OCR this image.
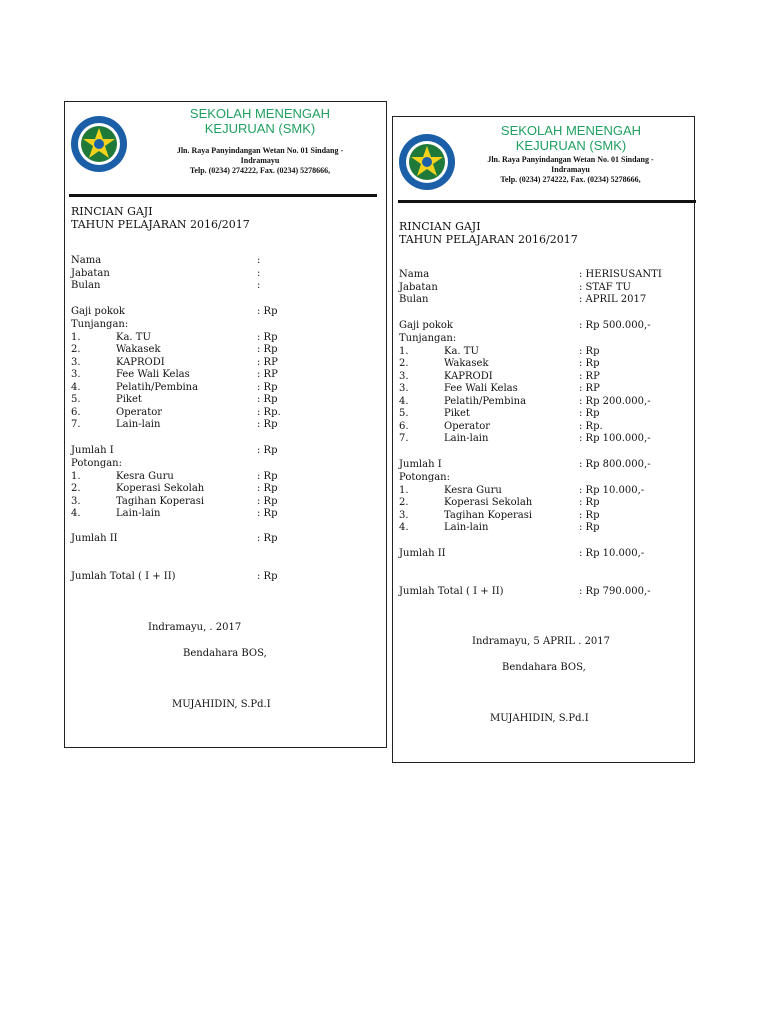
SEKOLAH MENENGAH
KEJURUAN (SMK)
Jln. Raya Panyindangan Wetan No. 01 Sindang -
Indramayu
Telp. (0234) 274222, Fax. (0234) 5278666,
RINCIAN GAJI
TAHUN PELAJARAN 2016/2017
Nama	:
Jabatan	:
Bulan	:
Gaji pokok	: Rp
Tunjangan:
1.	Ka. TU	: Rp
2.	Wakasek	: Rp
3.	KAPRODI	: RP
3.	Fee Wali Kelas	: RP
4.	Pelatih/Pembina	: Rp
5.	Piket	: Rp
6.	Operator	: Rp.
7.	Lain-lain	: Rp
Jumlah I	: Rp
Potongan:
1.	Kesra Guru	: Rp
2.	Koperasi Sekolah	: Rp
3.	Tagihan Koperasi	: Rp
4.	Lain-lain	: Rp
Jumlah II	: Rp
Jumlah Total ( I + II)	: Rp
Indramayu, . 2017
Bendahara BOS,
MUJAHIDIN, S.Pd.I
SEKOLAH MENENGAH
KEJURUAN (SMK)
Jln. Raya Panyindangan Wetan No. 01 Sindang -
Indramayu
Telp. (0234) 274222, Fax. (0234) 5278666,
RINCIAN GAJI
TAHUN PELAJARAN 2016/2017
Nama	: HERISUSANTI
Jabatan	: STAF TU
Bulan	: APRIL 2017
Gaji pokok	: Rp 500.000,-
Tunjangan:
1.	Ka. TU	: Rp
2.	Wakasek	: Rp
3.	KAPRODI	: RP
3.	Fee Wali Kelas	: RP
4.	Pelatih/Pembina	: Rp 200.000,-
5.	Piket	: Rp
6.	Operator	: Rp.
7.	Lain-lain	: Rp 100.000,-
Jumlah I	: Rp 800.000,-
Potongan:
1.	Kesra Guru	: Rp 10.000,-
2.	Koperasi Sekolah	: Rp
3.	Tagihan Koperasi	: Rp
4.	Lain-lain	: Rp
Jumlah II	: Rp 10.000,-
Jumlah Total ( I + II)	: Rp 790.000,-
Indramayu, 5 APRIL . 2017
Bendahara BOS,
MUJAHIDIN, S.Pd.I
